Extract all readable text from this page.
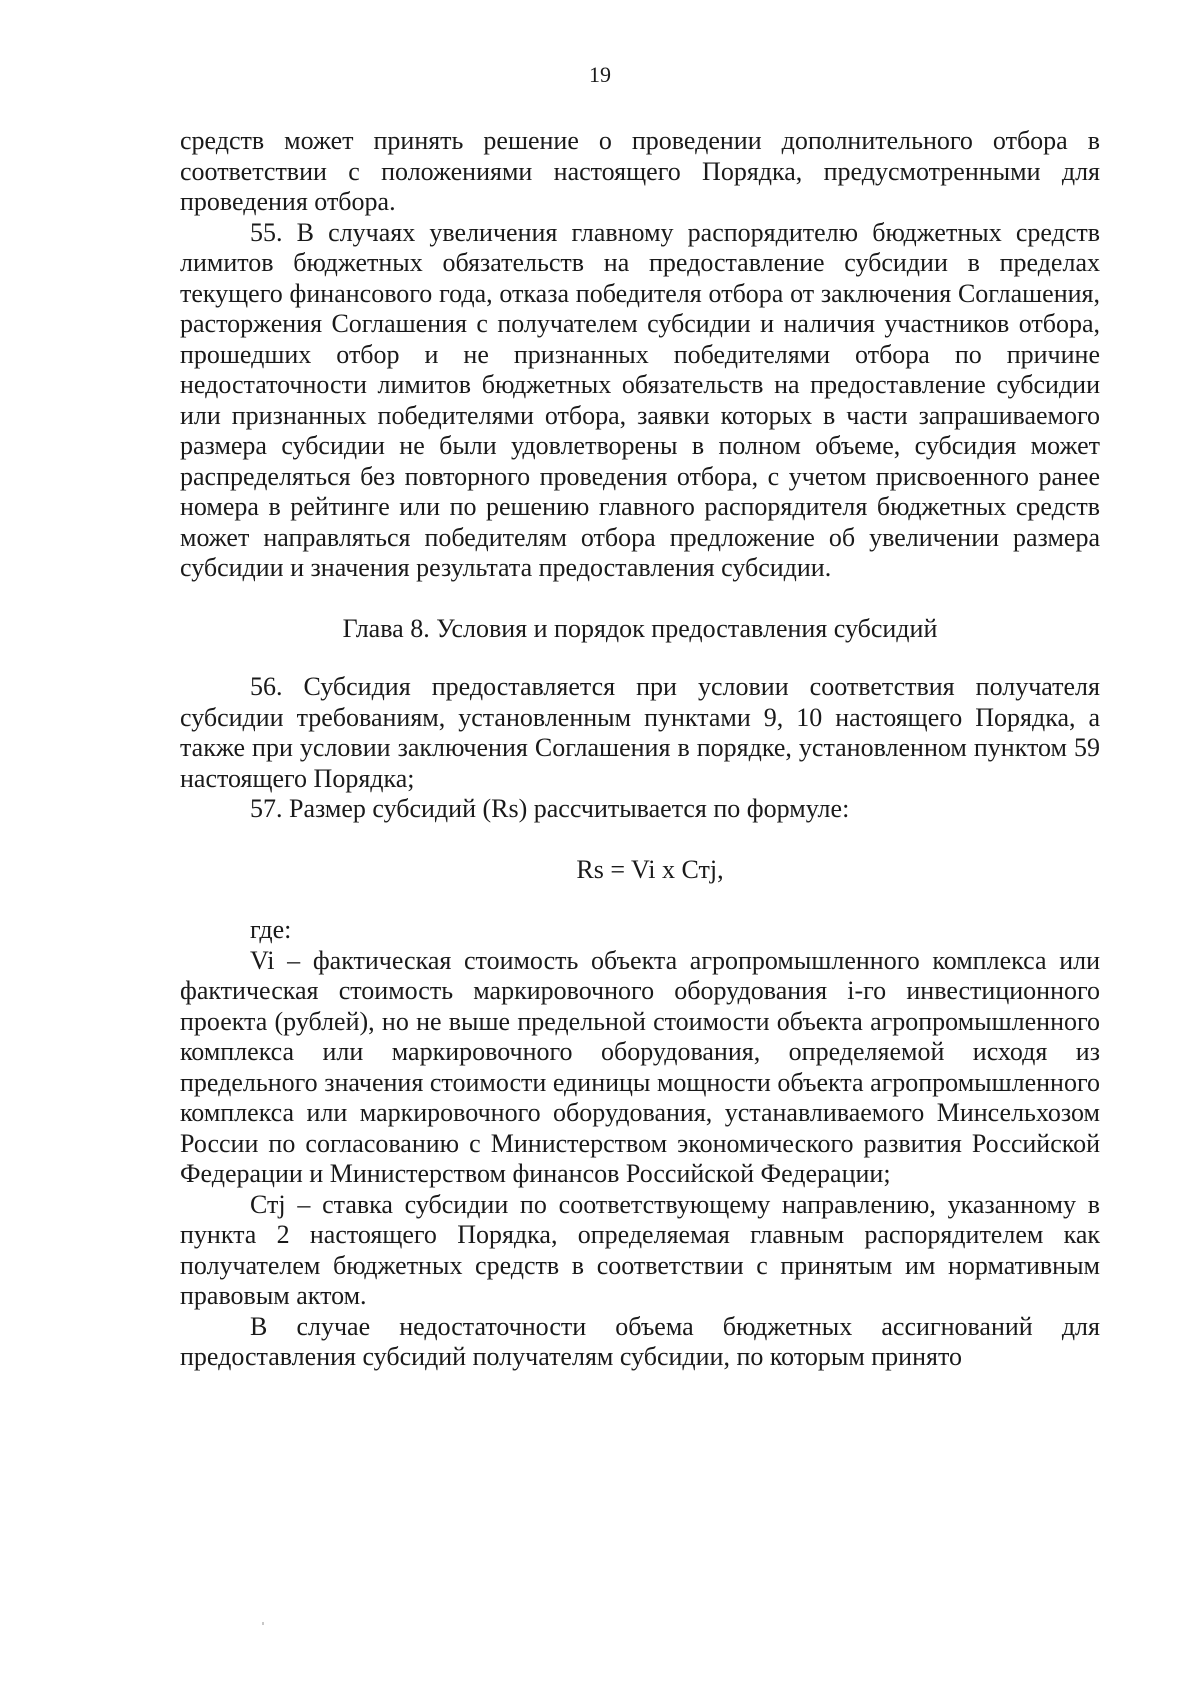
19

средств может принять решение о проведении дополнительного отбора в соответствии с положениями настоящего Порядка, предусмотренными для проведения отбора.

55. В случаях увеличения главному распорядителю бюджетных средств лимитов бюджетных обязательств на предоставление субсидии в пределах текущего финансового года, отказа победителя отбора от заключения Соглашения, расторжения Соглашения с получателем субсидии и наличия участников отбора, прошедших отбор и не признанных победителями отбора по причине недостаточности лимитов бюджетных обязательств на предоставление субсидии или признанных победителями отбора, заявки которых в части запрашиваемого размера субсидии не были удовлетворены в полном объеме, субсидия может распределяться без повторного проведения отбора, с учетом присвоенного ранее номера в рейтинге или по решению главного распорядителя бюджетных средств может направляться победителям отбора предложение об увеличении размера субсидии и значения результата предоставления субсидии.

Глава 8. Условия и порядок предоставления субсидий

56. Субсидия предоставляется при условии соответствия получателя субсидии требованиям, установленным пунктами 9, 10 настоящего Порядка, а также при условии заключения Соглашения в порядке, установленном пунктом 59 настоящего Порядка;

57. Размер субсидий (Rs) рассчитывается по формуле:

Rs = Vi x Стj,

где:

Vi – фактическая стоимость объекта агропромышленного комплекса или фактическая стоимость маркировочного оборудования i-го инвестиционного проекта (рублей), но не выше предельной стоимости объекта агропромышленного комплекса или маркировочного оборудования, определяемой исходя из предельного значения стоимости единицы мощности объекта агропромышленного комплекса или маркировочного оборудования, устанавливаемого Минсельхозом России по согласованию с Министерством экономического развития Российской Федерации и Министерством финансов Российской Федерации;

Стj – ставка субсидии по соответствующему направлению, указанному в пункта 2 настоящего Порядка, определяемая главным распорядителем как получателем бюджетных средств в соответствии с принятым им нормативным правовым актом.

В случае недостаточности объема бюджетных ассигнований для предоставления субсидий получателям субсидии, по которым принято
